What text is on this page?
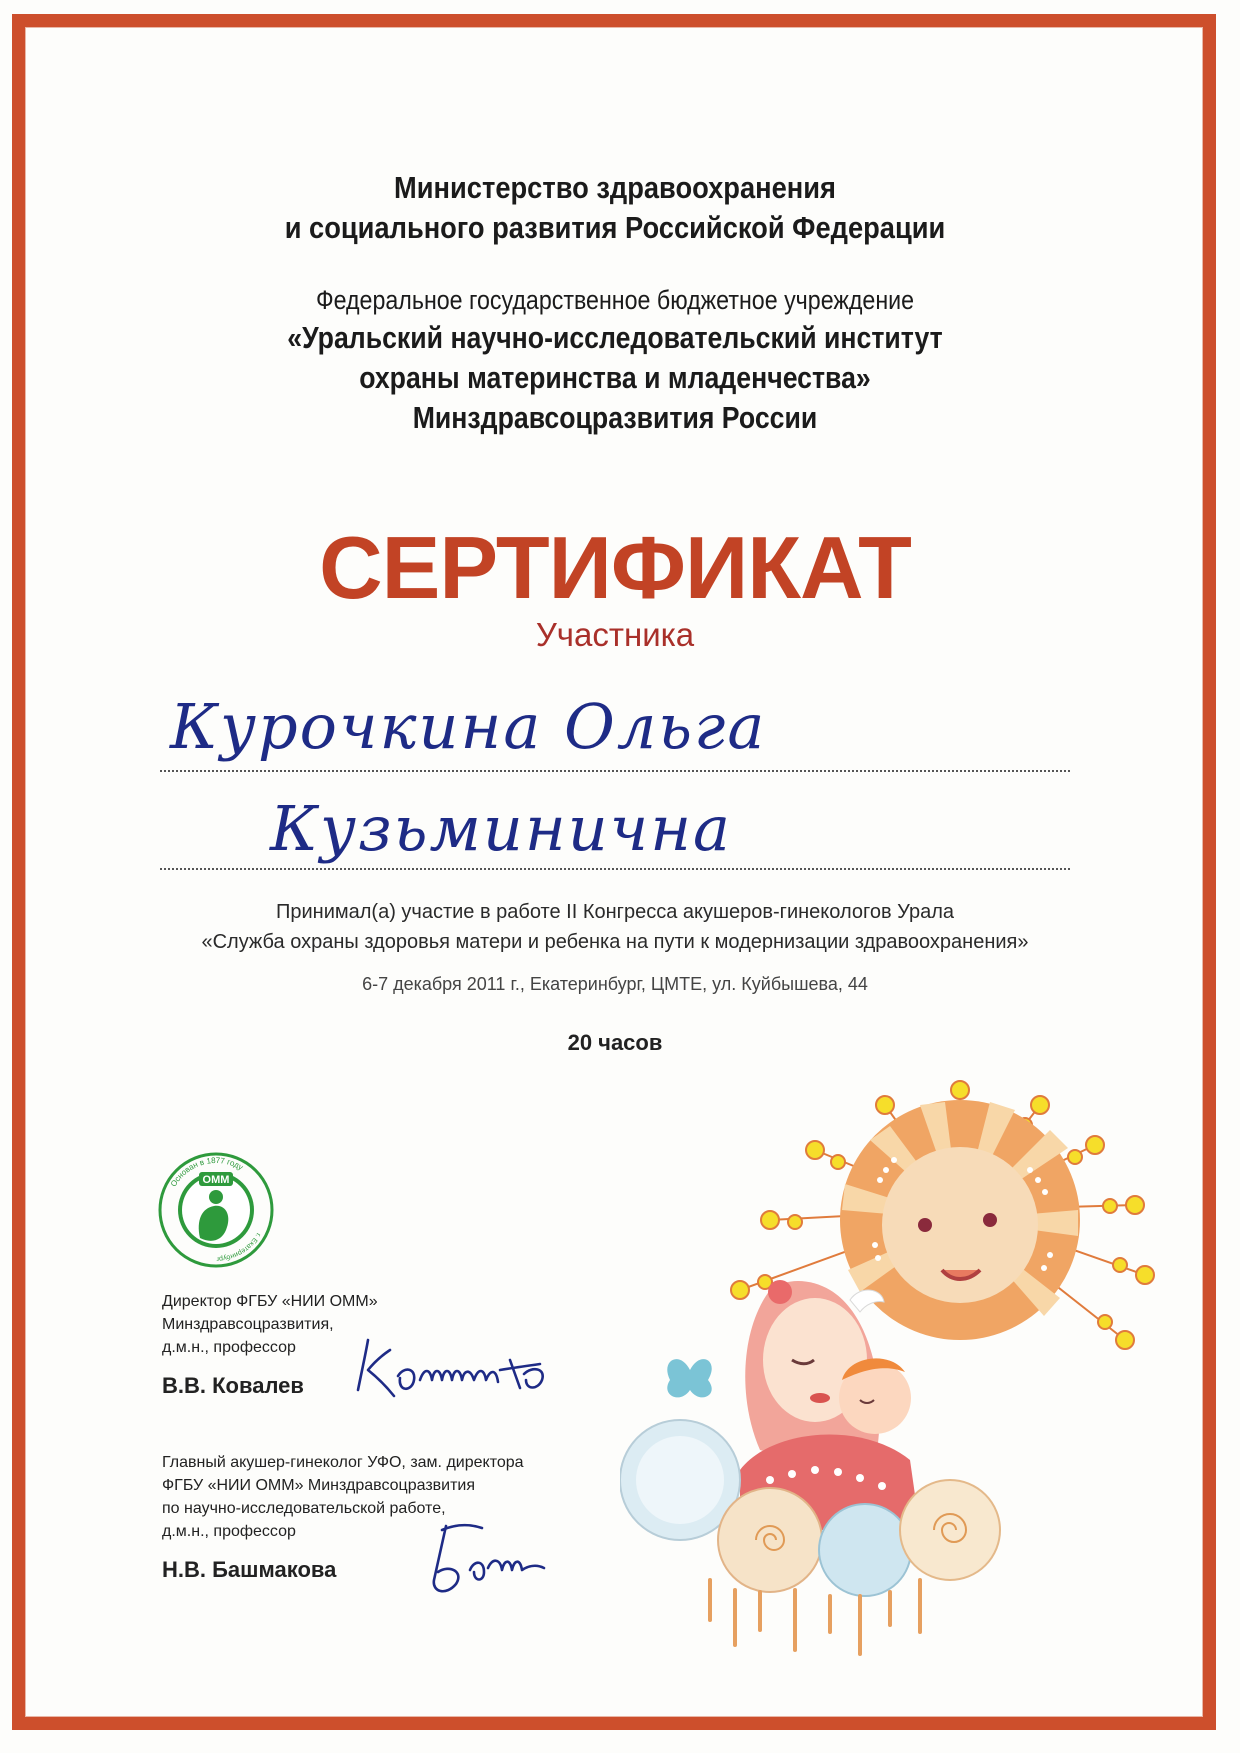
Министерство здравоохранения
и социального развития Российской Федерации
Федеральное государственное бюджетное учреждение
«Уральский научно-исследовательский институт
охраны материнства и младенчества»
Минздравсоцразвития России
СЕРТИФИКАТ
Участника
Курочкина Ольга
Кузьминична
Принимал(а) участие в работе II Конгресса акушеров-гинекологов Урала
«Служба охраны здоровья матери и ребенка на пути к модернизации здравоохранения»
6-7 декабря 2011 г., Екатеринбург, ЦМТЕ, ул. Куйбышева, 44
20 часов
ОММ
Основан в 1877 году
г. Екатеринбург
Директор ФГБУ «НИИ ОММ»
Минздравсоцразвития,
д.м.н., профессор
В.В. Ковалев
Главный акушер-гинеколог УФО, зам. директора
ФГБУ «НИИ ОММ» Минздравсоцразвития
по научно-исследовательской работе,
д.м.н., профессор
Н.В. Башмакова
